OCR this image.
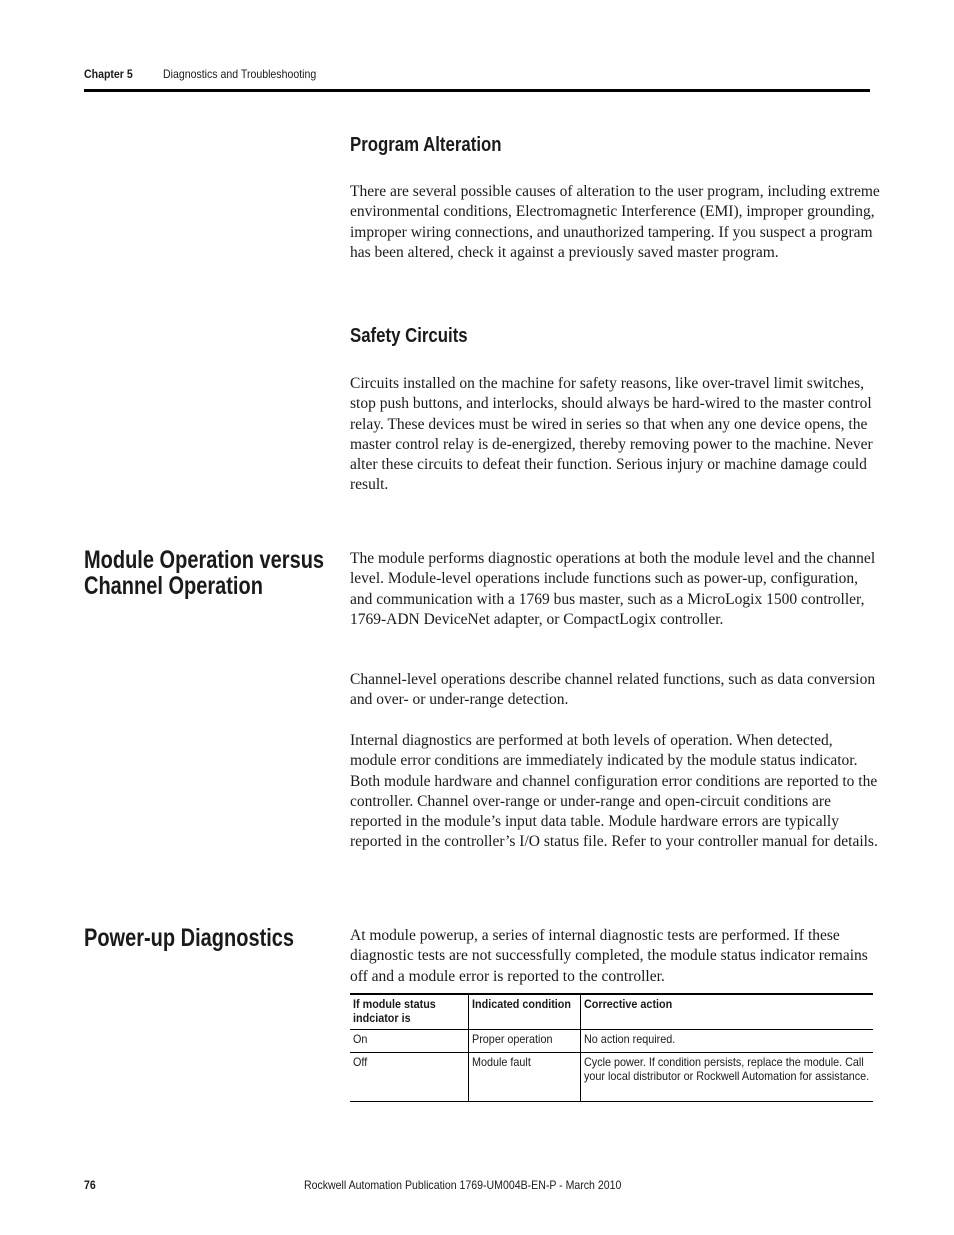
Chapter 5	Diagnostics and Troubleshooting
Program Alteration

There are several possible causes of alteration to the user program, including extreme environmental conditions, Electromagnetic Interference (EMI), improper grounding, improper wiring connections, and unauthorized tampering. If you suspect a program has been altered, check it against a previously saved master program.

Safety Circuits

Circuits installed on the machine for safety reasons, like over-travel limit switches, stop push buttons, and interlocks, should always be hard-wired to the master control relay. These devices must be wired in series so that when any one device opens, the master control relay is de-energized, thereby removing power to the machine. Never alter these circuits to defeat their function. Serious injury or machine damage could result.

Module Operation versus
Channel Operation

The module performs diagnostic operations at both the module level and the channel level. Module-level operations include functions such as power-up, configuration, and communication with a 1769 bus master, such as a MicroLogix 1500 controller, 1769-ADN DeviceNet adapter, or CompactLogix controller.

Channel-level operations describe channel related functions, such as data conversion and over- or under-range detection.

Internal diagnostics are performed at both levels of operation. When detected, module error conditions are immediately indicated by the module status indicator. Both module hardware and channel configuration error conditions are reported to the controller. Channel over-range or under-range and open-circuit conditions are reported in the module’s input data table. Module hardware errors are typically reported in the controller’s I/O status file. Refer to your controller manual for details.

Power-up Diagnostics	At module powerup, a series of internal diagnostic tests are performed. If these diagnostic tests are not successfully completed, the module status indicator remains off and a module error is reported to the controller.

If module status indciator is	Indicated condition	Corrective action
On	Proper operation	No action required.
Off	Module fault	Cycle power. If condition persists, replace the module. Call your local distributor or Rockwell Automation for assistance.
76	Rockwell Automation Publication 1769-UM004B-EN-P - March 2010
